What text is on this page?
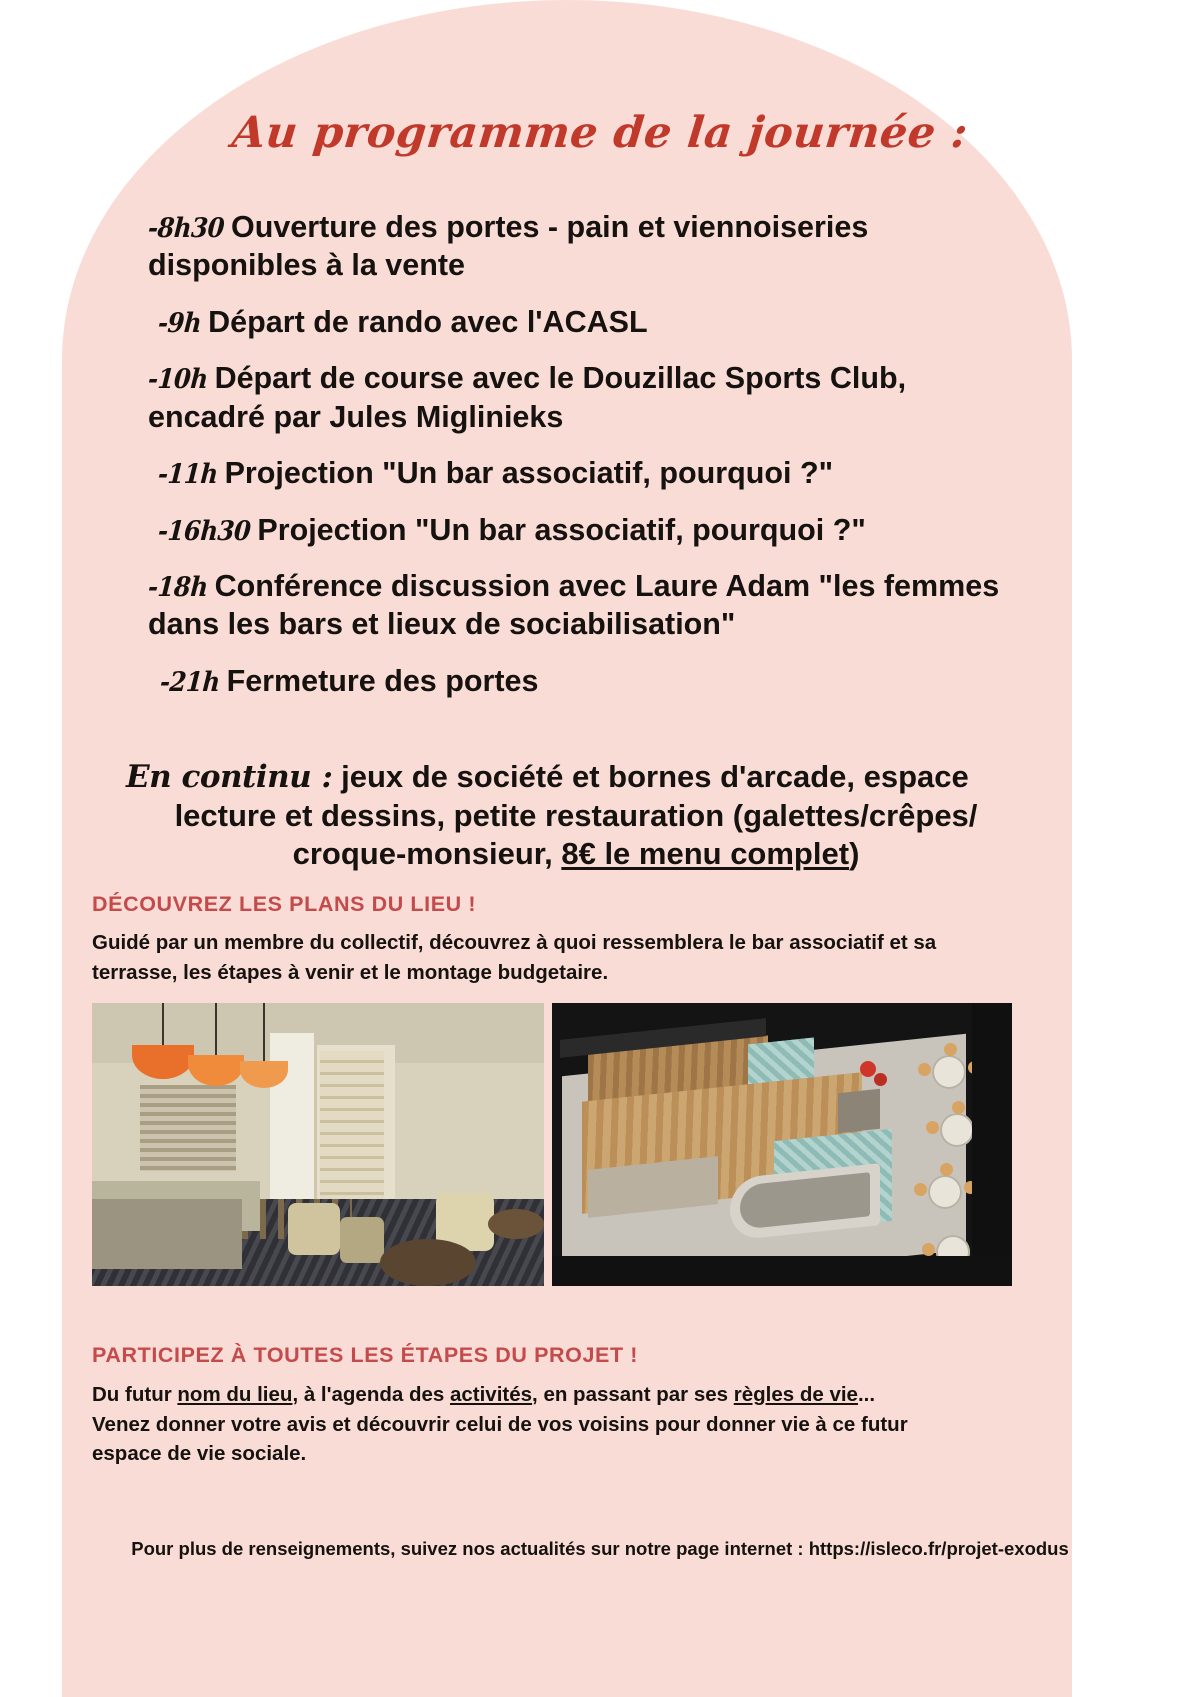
Au programme de la journée :
-8h30 Ouverture des portes - pain et viennoiseries disponibles à la vente
-9h Départ de rando avec l'ACASL
-10h Départ de course avec le Douzillac Sports Club, encadré par Jules Miglinieks
-11h Projection "Un bar associatif, pourquoi ?"
-16h30 Projection "Un bar associatif, pourquoi ?"
-18h Conférence discussion avec Laure Adam "les femmes dans les bars et lieux de sociabilisation"
-21h Fermeture des portes
En continu : jeux de société et bornes d'arcade, espace
lecture et dessins, petite restauration (galettes/crêpes/
croque-monsieur, 8€ le menu complet)
DÉCOUVREZ LES PLANS DU LIEU !
Guidé par un membre du collectif, découvrez à quoi ressemblera le bar associatif et sa terrasse, les étapes à venir et le montage budgetaire.
PARTICIPEZ À TOUTES LES ÉTAPES DU PROJET !
Du futur nom du lieu, à l'agenda des activités, en passant par ses règles de vie...
Venez donner votre avis et découvrir celui de vos voisins pour donner vie à ce futur
espace de vie sociale.
Pour plus de renseignements, suivez nos actualités sur notre page internet : https://isleco.fr/projet-exodus
